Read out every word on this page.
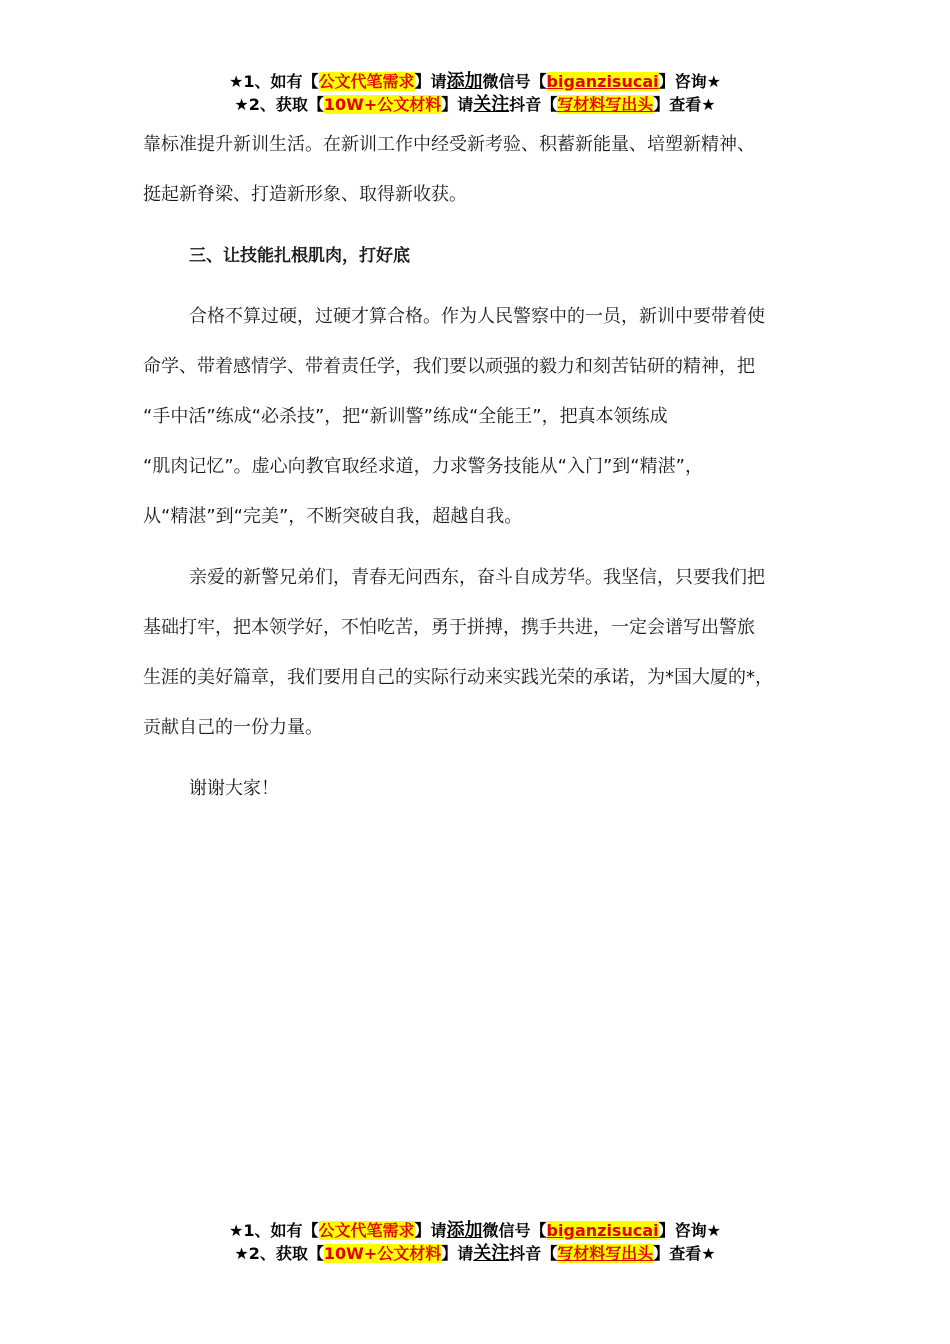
★1、如有【公文代笔需求】请添加微信号【biganzisucai】咨询★
★2、获取【10W+公文材料】请关注抖音【写材料写出头】查看★
靠标准提升新训生活。在新训工作中经受新考验、积蓄新能量、培塑新精神、
挺起新脊梁、打造新形象、取得新收获。
三、让技能扎根肌肉，打好底
合格不算过硬，过硬才算合格。作为人民警察中的一员，新训中要带着使
命学、带着感情学、带着责任学，我们要以顽强的毅力和刻苦钻研的精神，把
“手中活”练成“必杀技”，把“新训警”练成“全能王”，把真本领练成
“肌肉记忆”。虚心向教官取经求道，力求警务技能从“入门”到“精湛”，
从“精湛”到“完美”，不断突破自我，超越自我。
亲爱的新警兄弟们，青春无问西东，奋斗自成芳华。我坚信，只要我们把
基础打牢，把本领学好，不怕吃苦，勇于拼搏，携手共进，一定会谱写出警旅
生涯的美好篇章，我们要用自己的实际行动来实践光荣的承诺，为*国大厦的*，
贡献自己的一份力量。
谢谢大家！
★1、如有【公文代笔需求】请添加微信号【biganzisucai】咨询★
★2、获取【10W+公文材料】请关注抖音【写材料写出头】查看★
